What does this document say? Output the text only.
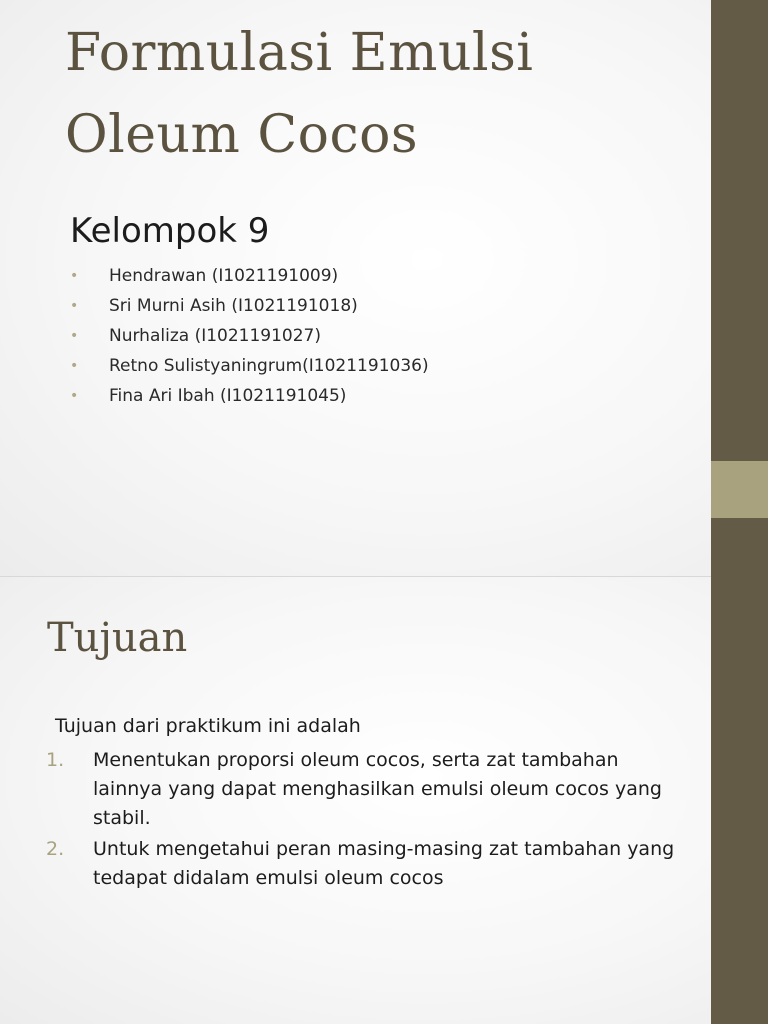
Formulasi Emulsi
Oleum Cocos
Kelompok 9
• Hendrawan (I1021191009)
• Sri Murni Asih (I1021191018)
• Nurhaliza (I1021191027)
• Retno Sulistyaningrum(I1021191036)
• Fina Ari Ibah (I1021191045)
Tujuan

Tujuan dari praktikum ini adalah

1. Menentukan proporsi oleum cocos, serta zat tambahan lainnya yang dapat menghasilkan emulsi oleum cocos yang stabil.
2. Untuk mengetahui peran masing-masing zat tambahan yang tedapat didalam emulsi oleum cocos
